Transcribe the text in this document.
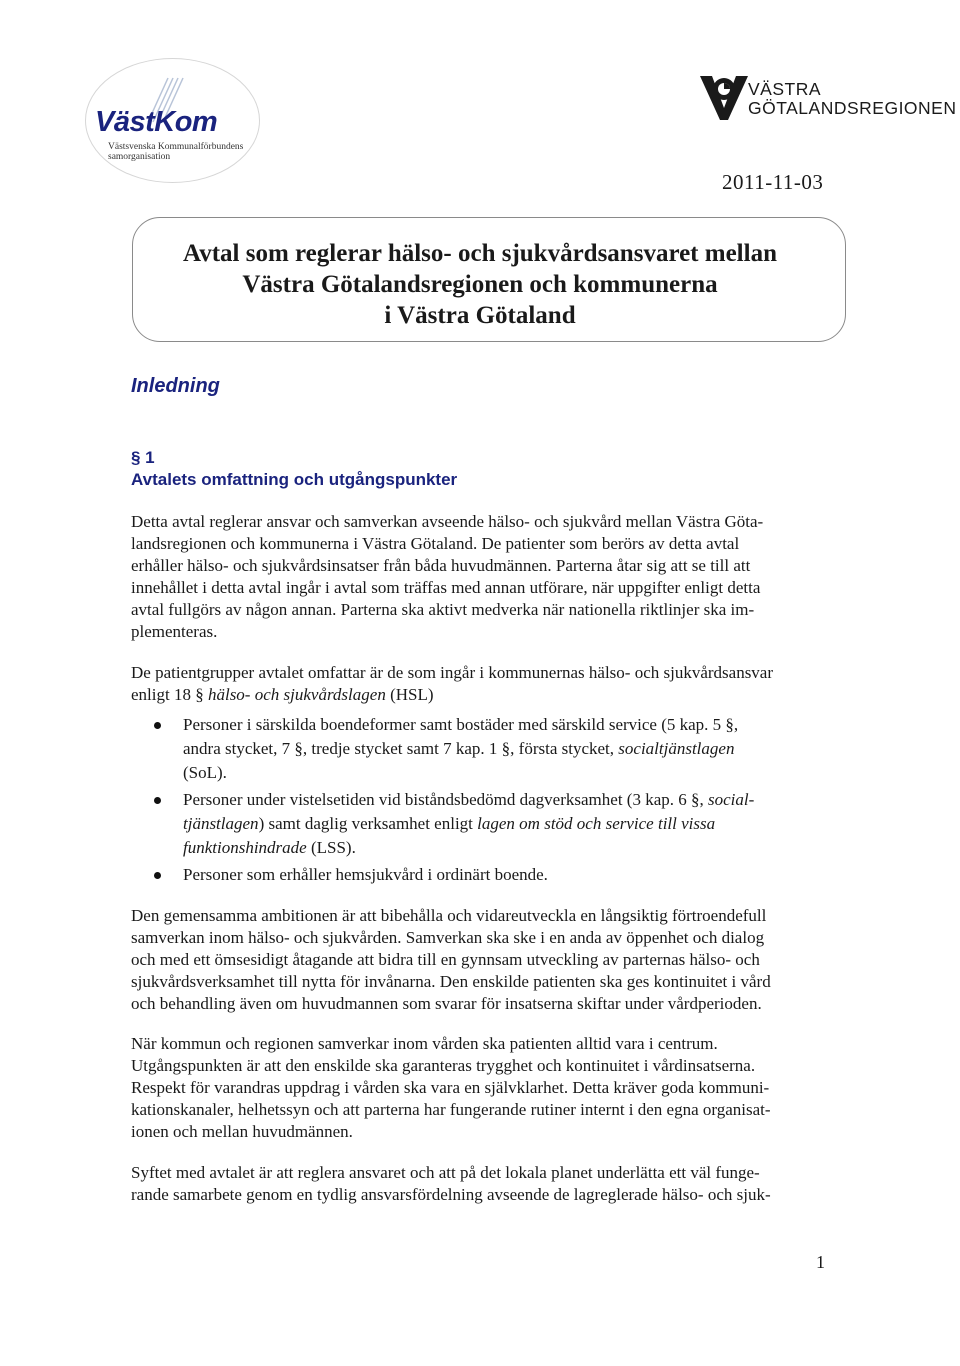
VästKom
Västsvenska Kommunalförbundens
samorganisation
VÄSTRA
GÖTALANDSREGIONEN
2011-11-03
Avtal som reglerar hälso- och sjukvårdsansvaret mellan
Västra Götalandsregionen och kommunerna
i Västra Götaland
Inledning
§ 1
Avtalets omfattning och utgångspunkter
Detta avtal reglerar ansvar och samverkan avseende hälso- och sjukvård mellan Västra Göta-
landsregionen och kommunerna i Västra Götaland. De patienter som berörs av detta avtal
erhåller hälso- och sjukvårdsinsatser från båda huvudmännen. Parterna åtar sig att se till att
innehållet i detta avtal ingår i avtal som träffas med annan utförare, när uppgifter enligt detta
avtal fullgörs av någon annan. Parterna ska aktivt medverka när nationella riktlinjer ska im-
plementeras.
De patientgrupper avtalet omfattar är de som ingår i kommunernas hälso- och sjukvårdsansvar
enligt 18 § hälso- och sjukvårdslagen (HSL)
Personer i särskilda boendeformer samt bostäder med särskild service (5 kap. 5 §,
andra stycket, 7 §, tredje stycket samt 7 kap. 1 §, första stycket, socialtjänstlagen
(SoL).
Personer under vistelsetiden vid biståndsbedömd dagverksamhet (3 kap. 6 §, social-
tjänstlagen) samt daglig verksamhet enligt lagen om stöd och service till vissa
funktionshindrade (LSS).
Personer som erhåller hemsjukvård i ordinärt boende.
Den gemensamma ambitionen är att bibehålla och vidareutveckla en långsiktig förtroendefull
samverkan inom hälso- och sjukvården. Samverkan ska ske i en anda av öppenhet och dialog
och med ett ömsesidigt åtagande att bidra till en gynnsam utveckling av parternas hälso- och
sjukvårdsverksamhet till nytta för invånarna. Den enskilde patienten ska ges kontinuitet i vård
och behandling även om huvudmannen som svarar för insatserna skiftar under vårdperioden.
När kommun och regionen samverkar inom vården ska patienten alltid vara i centrum.
Utgångspunkten är att den enskilde ska garanteras trygghet och kontinuitet i vårdinsatserna.
Respekt för varandras uppdrag i vården ska vara en självklarhet. Detta kräver goda kommuni-
kationskanaler, helhetssyn och att parterna har fungerande rutiner internt i den egna organisat-
ionen och mellan huvudmännen.
Syftet med avtalet är att reglera ansvaret och att på det lokala planet underlätta ett väl funge-
rande samarbete genom en tydlig ansvarsfördelning avseende de lagreglerade hälso- och sjuk-
1
